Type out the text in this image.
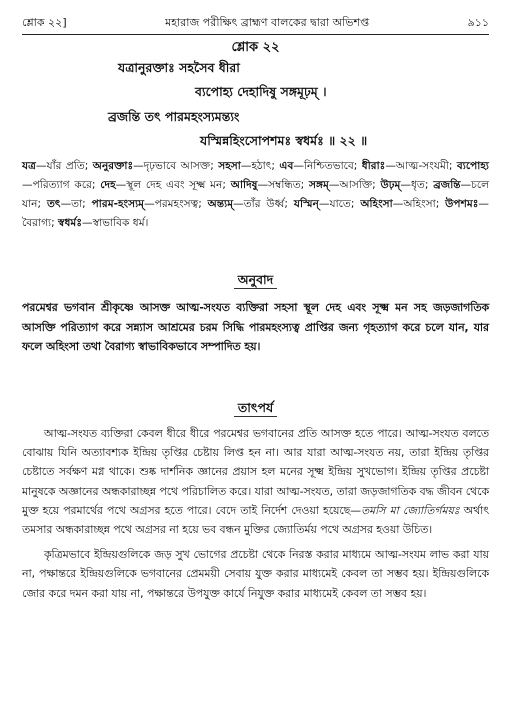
শ্লোক ২২]	মহারাজ পরীক্ষিৎ ব্রাহ্মণ বালকের দ্বারা অভিশপ্ত	৯১১
শ্লোক ২২
যত্রানুরক্তাঃ সহসৈব ধীরা
ব্যপোহ্য দেহাদিষু সঙ্গমূঢ়ম্ ।
ব্রজন্তি তৎ পারমহংস্যমন্ত্যং
যস্মিন্নহিংসোপশমঃ স্বধর্মঃ ॥ ২২ ॥
যত্র—যাঁর প্রতি; অনুরক্তাঃ—দৃঢ়ভাবে আসক্ত; সহসা—হঠাৎ; এব—নিশ্চিতভাবে; ধীরাঃ—আত্ম-সংযমী; ব্যপোহ্য—পরিত্যাগ করে; দেহ—স্থূল দেহ এবং সূক্ষ্ম মন; আদিষু—সম্বন্ধিত; সঙ্গম্—আসক্তি; উঢ়ম্—ধৃত; ব্রজন্তি—চলে যান; তৎ—তা; পারম-হংস্যম্—পরমহংসত্ব; অন্ত্যম্—তাঁর উর্ধ্ব; যস্মিন্—যাতে; অহিংসা—অহিংসা; উপশমঃ—বৈরাগ্য; স্বধর্মঃ—স্বাভাবিক ধর্ম।
অনুবাদ
পরমেশ্বর ভগবান শ্রীকৃষ্ণে আসক্ত আত্ম-সংযত ব্যক্তিরা সহসা স্থূল দেহ এবং সূক্ষ্ম মন সহ জড়জাগতিক আসক্তি পরিত্যাগ করে সন্ন্যাস আশ্রমের চরম সিদ্ধি পারমহংস্যত্ব প্রাপ্তির জন্য গৃহত্যাগ করে চলে যান, যার ফলে অহিংসা তথা বৈরাগ্য স্বাভাবিকভাবে সম্পাদিত হয়।
তাৎপর্য

আত্ম-সংযত ব্যক্তিরা কেবল ধীরে ধীরে পরমেশ্বর ভগবানের প্রতি আসক্ত হতে পারে। আত্ম-সংযত বলতে বোঝায় যিনি অত্যাবশ্যক ইন্দ্রিয় তৃপ্তির চেষ্টায় লিপ্ত হন না। আর যারা আত্ম-সংযত নয়, তারা ইন্দ্রিয় তৃপ্তির চেষ্টাতে সর্বক্ষণ মগ্ন থাকে। শুষ্ক দার্শনিক জ্ঞানের প্রয়াস হল মনের সূক্ষ্ম ইন্দ্রিয় সুখভোগ। ইন্দ্রিয় তৃপ্তির প্রচেষ্টা মানুষকে অজ্ঞানের অন্ধকারাচ্ছন্ন পথে পরিচালিত করে। যারা আত্ম-সংযত, তারা জড়জাগতিক বদ্ধ জীবন থেকে মুক্ত হয়ে পরমার্থের পথে অগ্রসর হতে পারে। বেদে তাই নির্দেশ দেওয়া হয়েছে—তমসি মা জ্যোতির্গময়ঃ অর্থাৎ তমসার অন্ধকারাচ্ছন্ন পথে অগ্রসর না হয়ে ভব বন্ধন মুক্তির জ্যোতির্ময় পথে অগ্রসর হওয়া উচিত।

কৃত্রিমভাবে ইন্দ্রিয়গুলিকে জড় সুখ ভোগের প্রচেষ্টা থেকে নিরস্ত করার মাধ্যমে আত্ম-সংযম লাভ করা যায় না, পক্ষান্তরে ইন্দ্রিয়গুলিকে ভগবানের প্রেমময়ী সেবায় যুক্ত করার মাধ্যমেই কেবল তা সম্ভব হয়। ইন্দ্রিয়গুলিকে জোর করে দমন করা যায় না, পক্ষান্তরে উপযুক্ত কার্যে নিযুক্ত করার মাধ্যমেই কেবল তা সম্ভব হয়।
